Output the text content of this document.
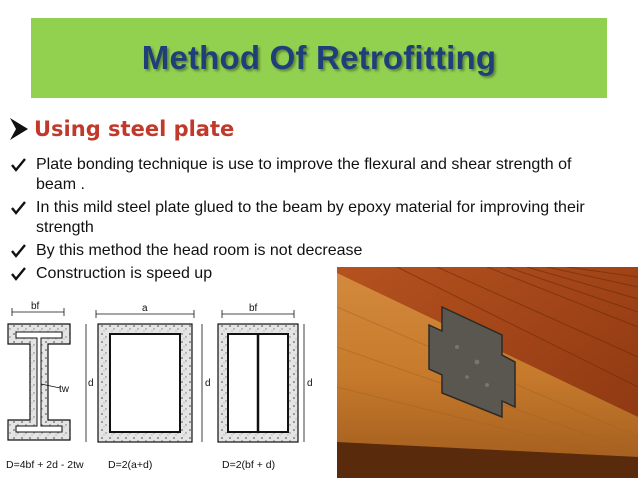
Method Of Retrofitting
Using steel plate
Plate bonding technique is use to improve the flexural and shear strength of beam .
In this mild steel plate glued to the beam by epoxy material for improving their strength
By this method the head room is not decrease
Construction is speed up
bf
tw
D=4bf + 2d - 2tw
a
d
D=2(a+d)
bf
d
D=2(bf + d)
d
